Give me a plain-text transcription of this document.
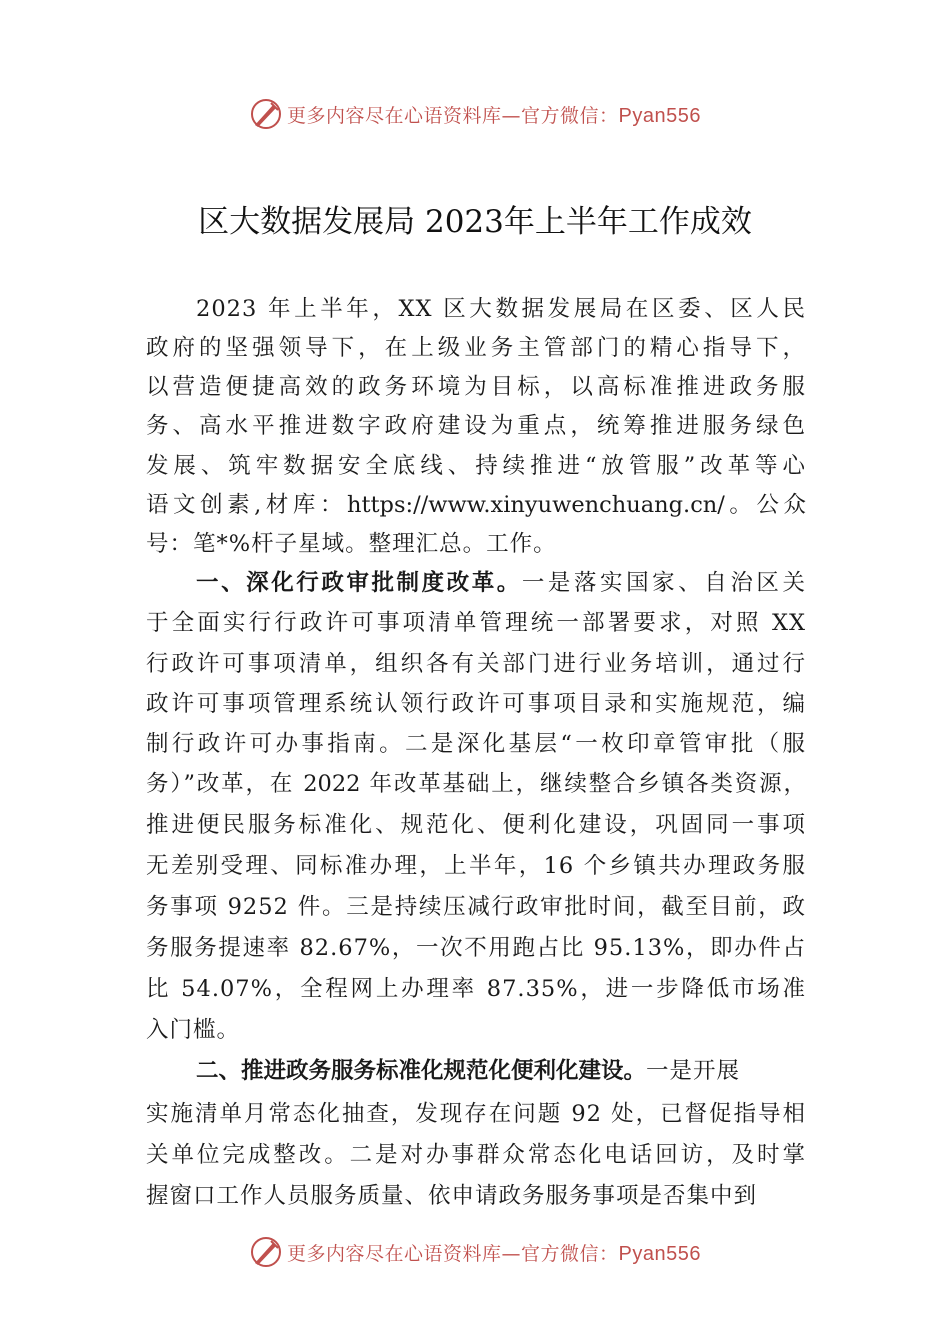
更多内容尽在心语资料库—官方微信：Pyan556
区大数据发展局 2023年上半年工作成效
2023 年上半年，XX 区大数据发展局在区委、区人民
政府的坚强领导下，在上级业务主管部门的精心指导下，
以营造便捷高效的政务环境为目标，以高标准推进政务服
务、高水平推进数字政府建设为重点，统筹推进服务绿色
发展、筑牢数据安全底线、持续推进“放管服”改革等心
语文创素,材库：https://www.xinyuwenchuang.cn/。公众
号：笔*%杆子星域。整理汇总。工作。
一、深化行政审批制度改革。一是落实国家、自治区关
于全面实行行政许可事项清单管理统一部署要求，对照 XX
行政许可事项清单，组织各有关部门进行业务培训，通过行
政许可事项管理系统认领行政许可事项目录和实施规范，编
制行政许可办事指南。二是深化基层“一枚印章管审批（服
务）”改革，在 2022 年改革基础上，继续整合乡镇各类资源，
推进便民服务标准化、规范化、便利化建设，巩固同一事项
无差别受理、同标准办理，上半年，16 个乡镇共办理政务服
务事项 9252 件。三是持续压减行政审批时间，截至目前，政
务服务提速率 82.67%，一次不用跑占比 95.13%，即办件占
比 54.07%，全程网上办理率 87.35%，进一步降低市场准
入门槛。
二、推进政务服务标准化规范化便利化建设。一是开展
实施清单月常态化抽查，发现存在问题 92 处，已督促指导相
关单位完成整改。二是对办事群众常态化电话回访，及时掌
握窗口工作人员服务质量、依申请政务服务事项是否集中到
更多内容尽在心语资料库—官方微信：Pyan556
